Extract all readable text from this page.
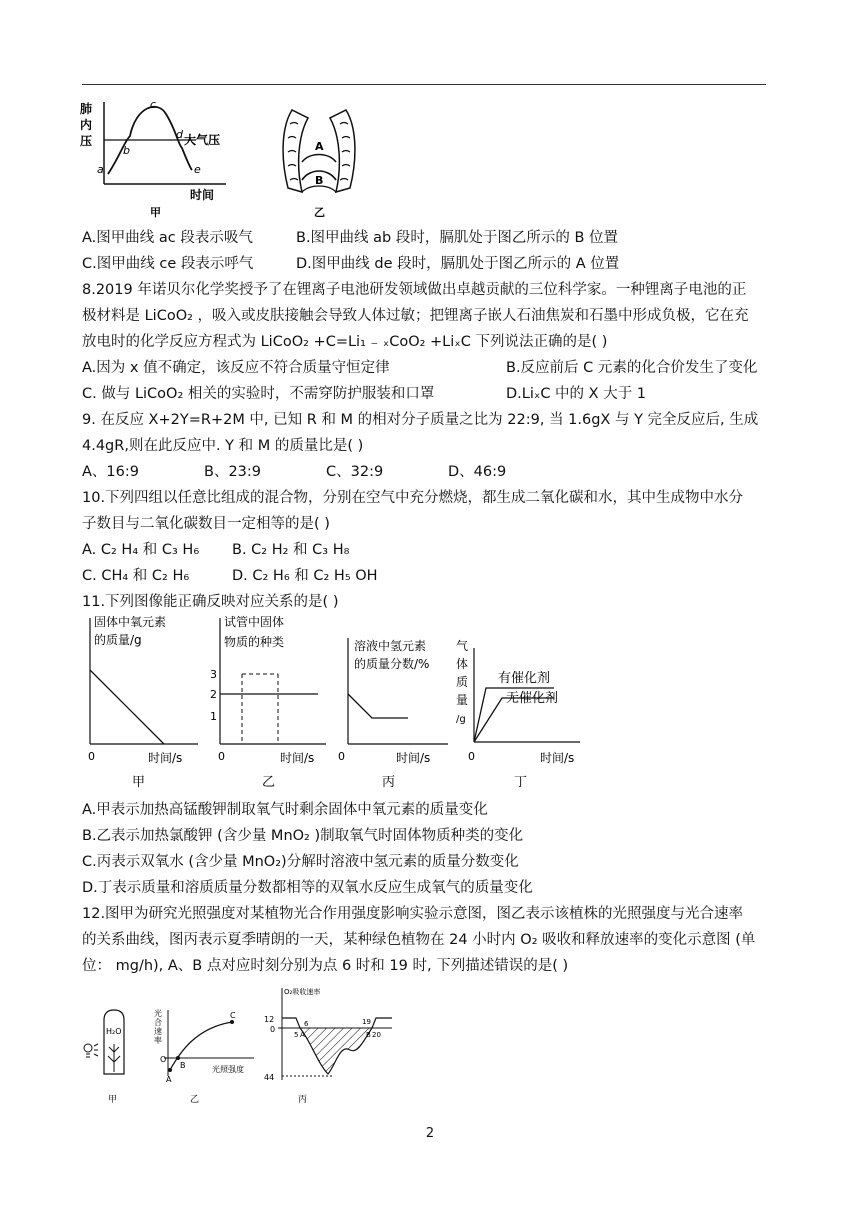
肺
内
压
a
b
c
d
e
大气压
时间
甲
A
B
乙
A.图甲曲线 ac 段表示吸气	B.图甲曲线 ab 段时，膈肌处于图乙所示的 B 位置
C.图甲曲线 ce 段表示呼气	D.图甲曲线 de 段时，膈肌处于图乙所示的 A 位置
8.2019 年诺贝尔化学奖授予了在锂离子电池研发领域做出卓越贡献的三位科学家。一种锂离子电池的正
极材料是 LiCoO₂ ，吸入或皮肤接触会导致人体过敏；把锂离子嵌人石油焦炭和石墨中形成负极，它在充
放电时的化学反应方程式为 LiCoO₂ +C=Li₁ ₋ ₓCoO₂ +LiₓC 下列说法正确的是( )
A.因为 x 值不确定，该反应不符合质量守恒定律	B.反应前后 C 元素的化合价发生了变化
C. 做与 LiCoO₂ 相关的实验时，不需穿防护服装和口罩	D.LiₓC 中的 X 大于 1
9. 在反应 X+2Y=R+2M 中, 已知 R 和 M 的相对分子质量之比为 22:9, 当 1.6gX 与 Y 完全反应后, 生成
4.4gR,则在此反应中. Y 和 M 的质量比是( )
A、16:9	B、23:9	C、32:9	D、46:9
10.下列四组以任意比组成的混合物，分别在空气中充分燃烧，都生成二氧化碳和水，其中生成物中水分
子数目与二氧化碳数目一定相等的是( )
A. C₂ H₄ 和 C₃ H₆ B. C₂ H₂ 和 C₃ H₈
C. CH₄ 和 C₂ H₆	D. C₂ H₆ 和 C₂ H₅ OH
11.下列图像能正确反映对应关系的是( )
固体中氧元素
的质量/g
0	时间/s
甲
试管中固体
物质的种类
3
2
1
0	时间/s
乙
溶液中氢元素
的质量分数/%
0	时间/s
丙
气
体
质
量
/g
有催化剂
无催化剂
0	时间/s
丁
A.甲表示加热高锰酸钾制取氧气时剩余固体中氧元素的质量变化
B.乙表示加热氯酸钾 (含少量 MnO₂ )制取氧气时固体物质种类的变化
C.丙表示双氧水 (含少量 MnO₂)分解时溶液中氢元素的质量分数变化
D.丁表示质量和溶质质量分数都相等的双氧水反应生成氧气的质量变化
12.图甲为研究光照强度对某植物光合作用强度影响实验示意图，图乙表示该植株的光照强度与光合速率
的关系曲线，图丙表示夏季晴朗的一天，某种绿色植物在 24 小时内 O₂ 吸收和释放速率的变化示意图 (单
位： mg/h), A、B 点对应时刻分别为点 6 时和 19 时, 下列描述错误的是( )
H₂O
甲
光
合
速
率
A
B
C
O
光照强度
乙
O₂吸收速率
12
0
44
6
5 A
19
B 20
丙
2
